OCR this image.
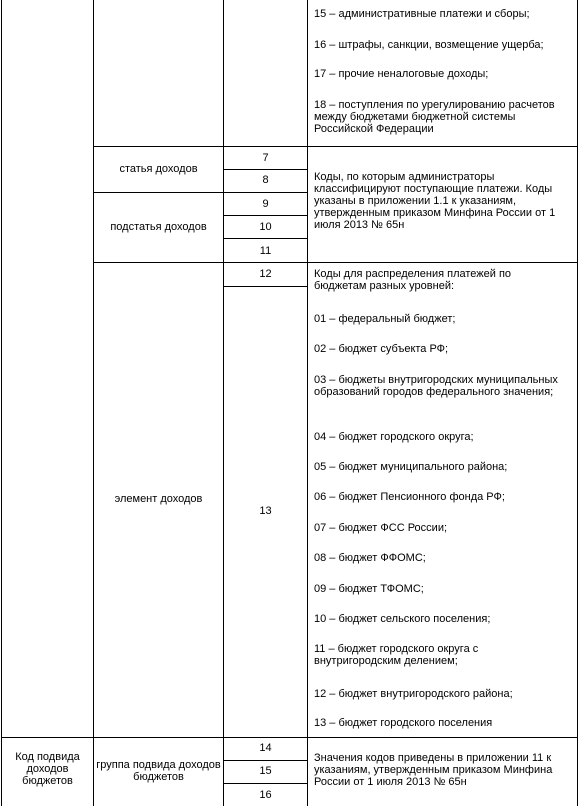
15 – административные платежи и сборы;
16 – штрафы, санкции, возмещение ущерба;
17 – прочие неналоговые доходы;
18 – поступления по урегулированию расчетов между бюджетами бюджетной системы Российской Федерации
статья доходов
подстатья доходов
7
8
9
10
11
Коды, по которым администраторы классифицируют поступающие платежи. Коды указаны в приложении 1.1 к указаниям, утвержденным приказом Минфина России от 1 июля 2013 № 65н
элемент доходов
12
13
Коды для распределения платежей по бюджетам разных уровней:
01 – федеральный бюджет;
02 – бюджет субъекта РФ;
03 – бюджеты внутригородских муниципальных образований городов федерального значения;
04 – бюджет городского округа;
05 – бюджет муниципального района;
06 – бюджет Пенсионного фонда РФ;
07 – бюджет ФСС России;
08 – бюджет ФФОМС;
09 – бюджет ТФОМС;
10 – бюджет сельского поселения;
11 – бюджет городского округа с внутригородским делением;
12 – бюджет внутригородского района;
13 – бюджет городского поселения
Код подвида доходов бюджетов
группа подвида доходов бюджетов
14
15
16
Значения кодов приведены в приложении 11 к указаниям, утвержденным приказом Минфина России от 1 июля 2013 № 65н
